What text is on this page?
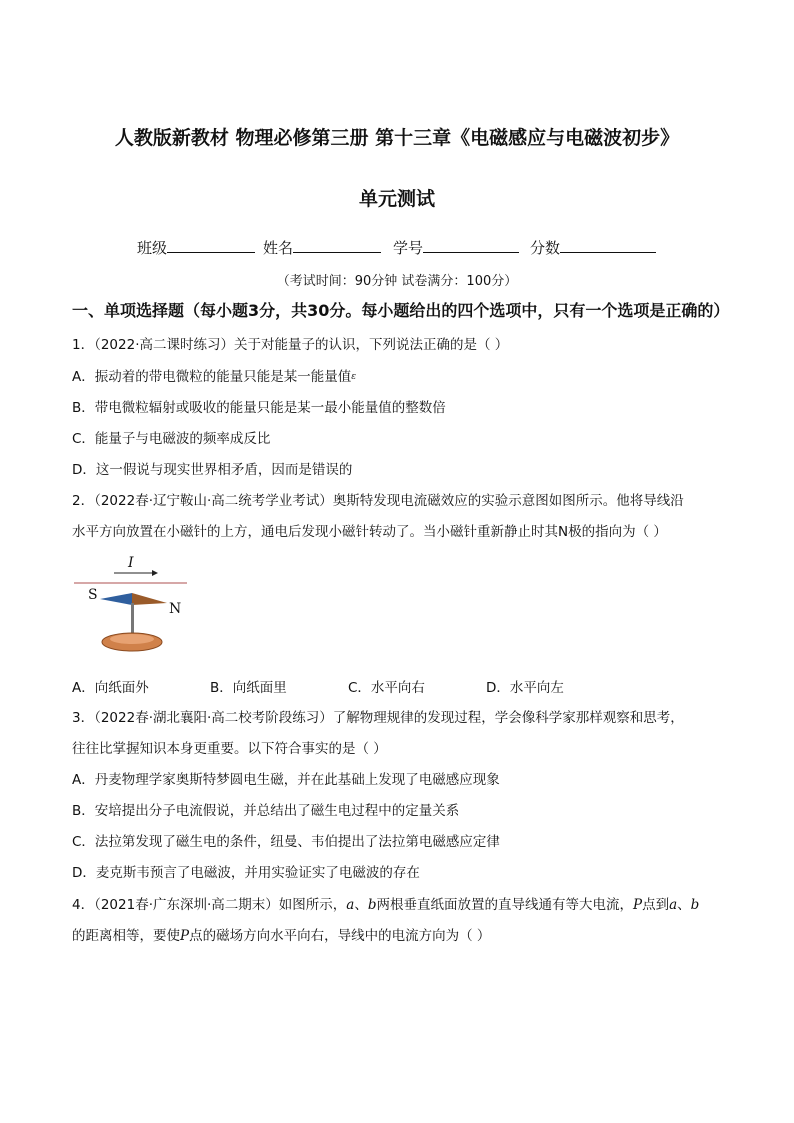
人教版新教材 物理必修第三册 第十三章《电磁感应与电磁波初步》
单元测试
班级	姓名	学号	分数
（考试时间：90分钟 试卷满分：100分）
一、单项选择题（每小题3分，共30分。每小题给出的四个选项中，只有一个选项是正确的）
1．（2022·高二课时练习）关于对能量子的认识，下列说法正确的是（ ）
A．振动着的带电微粒的能量只能是某一能量值ε
B．带电微粒辐射或吸收的能量只能是某一最小能量值的整数倍
C．能量子与电磁波的频率成反比
D．这一假说与现实世界相矛盾，因而是错误的
2．（2022春·辽宁鞍山·高二统考学业考试）奥斯特发现电流磁效应的实验示意图如图所示。他将导线沿
水平方向放置在小磁针的上方，通电后发现小磁针转动了。当小磁针重新静止时其N极的指向为（ ）
I
S
N
A．向纸面外	B．向纸面里	C．水平向右	D．水平向左
3．（2022春·湖北襄阳·高二校考阶段练习）了解物理规律的发现过程，学会像科学家那样观察和思考，
往往比掌握知识本身更重要。以下符合事实的是（ ）
A．丹麦物理学家奥斯特梦圆电生磁，并在此基础上发现了电磁感应现象
B．安培提出分子电流假说，并总结出了磁生电过程中的定量关系
C．法拉第发现了磁生电的条件，纽曼、韦伯提出了法拉第电磁感应定律
D．麦克斯韦预言了电磁波，并用实验证实了电磁波的存在
4．（2021春·广东深圳·高二期末）如图所示，a、b两根垂直纸面放置的直导线通有等大电流，P点到a、b
的距离相等，要使P点的磁场方向水平向右，导线中的电流方向为（ ）
